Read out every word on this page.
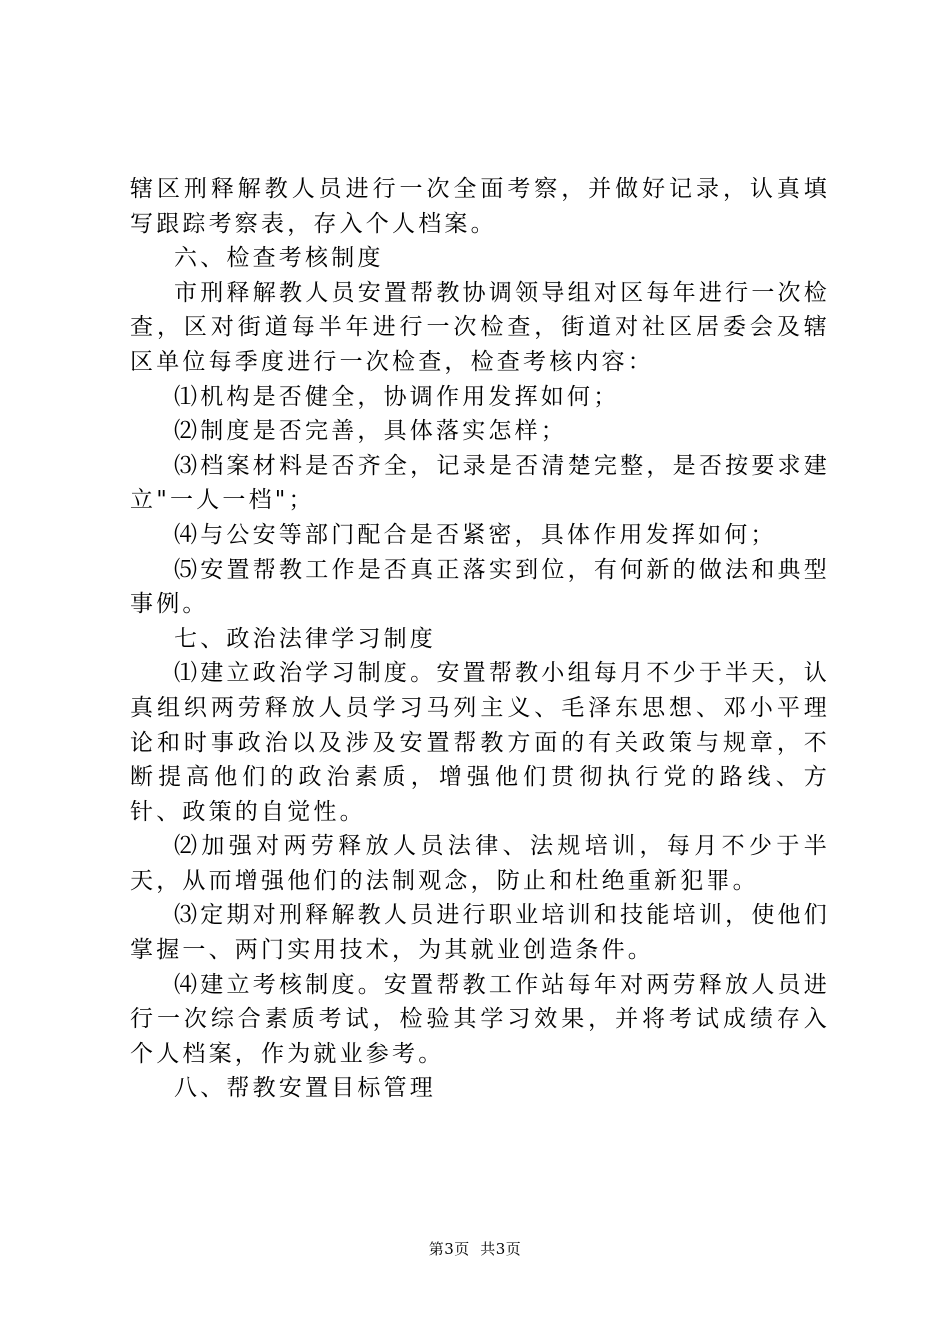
辖区刑释解教人员进行一次全面考察，并做好记录，认真填写跟踪考察表，存入个人档案。

六、检查考核制度

市刑释解教人员安置帮教协调领导组对区每年进行一次检查，区对街道每半年进行一次检查，街道对社区居委会及辖区单位每季度进行一次检查，检查考核内容：

⑴机构是否健全，协调作用发挥如何；

⑵制度是否完善，具体落实怎样；

⑶档案材料是否齐全，记录是否清楚完整，是否按要求建立"一人一档"；

⑷与公安等部门配合是否紧密，具体作用发挥如何；

⑸安置帮教工作是否真正落实到位，有何新的做法和典型事例。

七、政治法律学习制度

⑴建立政治学习制度。安置帮教小组每月不少于半天，认真组织两劳释放人员学习马列主义、毛泽东思想、邓小平理论和时事政治以及涉及安置帮教方面的有关政策与规章，不断提高他们的政治素质，增强他们贯彻执行党的路线、方针、政策的自觉性。

⑵加强对两劳释放人员法律、法规培训，每月不少于半天，从而增强他们的法制观念，防止和杜绝重新犯罪。

⑶定期对刑释解教人员进行职业培训和技能培训，使他们掌握一、两门实用技术，为其就业创造条件。

⑷建立考核制度。安置帮教工作站每年对两劳释放人员进行一次综合素质考试，检验其学习效果，并将考试成绩存入个人档案，作为就业参考。

八、帮教安置目标管理

第3页  共3页
